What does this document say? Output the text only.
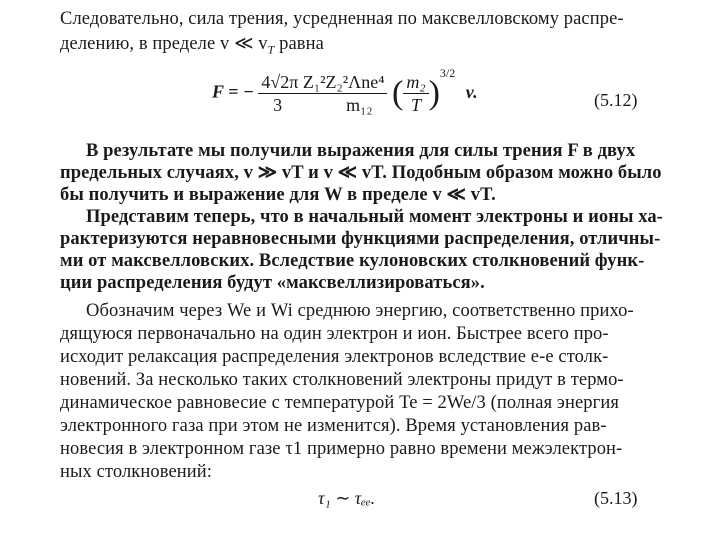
Следовательно, сила трения, усредненная по максвелловскому распре-
делению, в пределе v ≪ $v_T$ равна
F = − 4√2π Z₁²Z₂²Λne⁴
3	m₁₂ ( $\frac{\text{m₂}}{T} )^{3/2}$ v.	(5.12)
В результате мы получили выражения для силы трения F в двух
предельных случаях, v ≫ vT и v ≪ vT. Подобным образом можно было
бы получить и выражение для W в пределе v ≪ vT.
Представим теперь, что в начальный момент электроны и ионы ха-
рактеризуются неравновесными функциями распределения, отличны-
ми от максвелловских. Вследствие кулоновских столкновений функ-
ции распределения будут «максвеллизироваться».
Обозначим через We и Wi среднюю энергию, соответственно прихо-
дящуюся первоначально на один электрон и ион. Быстрее всего про-
исходит релаксация распределения электронов вследствие e-e столк-
новений. За несколько таких столкновений электроны придут в термо-
динамическое равновесие с температурой Te = 2We/3 (полная энергия
электронного газа при этом не изменится). Время установления рав-
новесия в электронном газе τ1 примерно равно времени межэлектрон-
ных столкновений:
τ₁ ∼ τₑₑ.	(5.13)
